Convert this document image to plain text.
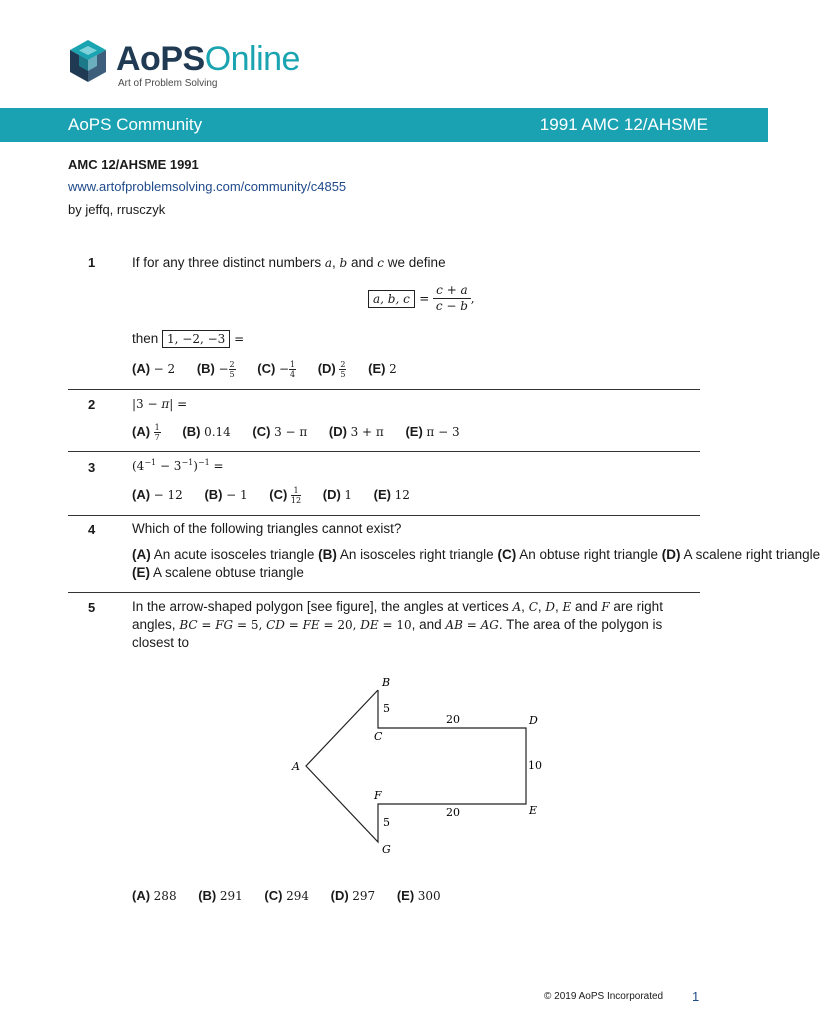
AoPSOnline
Art of Problem Solving
AoPS Community	1991 AMC 12/AHSME
AMC 12/AHSME 1991
www.artofproblemsolving.com/community/c4855
by jeffq, rrusczyk
1	If for any three distinct numbers a, b and c we define
a, b, $c = \frac{c + a}{c - b}$,
then 1, −2, −3 =
(A) − 2 $(B) - \frac{2}{5} (C) - \frac{1}{4} (D) \frac{2}{5} (E)$ 2
2	|3 − π| =
$(A) \frac{1}{7} (B)$ 0.14 (C) 3 − π (D) 3 + π (E) π − 3
3	$(4^{-1} - 3^{-1})^{-1}$ =
(A) − 12 (B) − 1 $(C) \frac{1}{12} (D)$ 1 (E) 12
4	Which of the following triangles cannot exist?
(A) An acute isosceles triangle (B) An isosceles right triangle (C) An obtuse right triangle (D) A scalene right triangle
(E) A scalene obtuse triangle
5	In the arrow-shaped polygon [see figure], the angles at vertices A, C, D, E and F are right
angles, BC = FG = 5, CD = FE = 20, DE = 10, and AB = AG. The area of the polygon is
closest to
B
C
D
A
F
E
G
5
20
10
20
5
(A) 288 (B) 291 (C) 294 (D) 297 (E) 300
© 2019 AoPS Incorporated 1
